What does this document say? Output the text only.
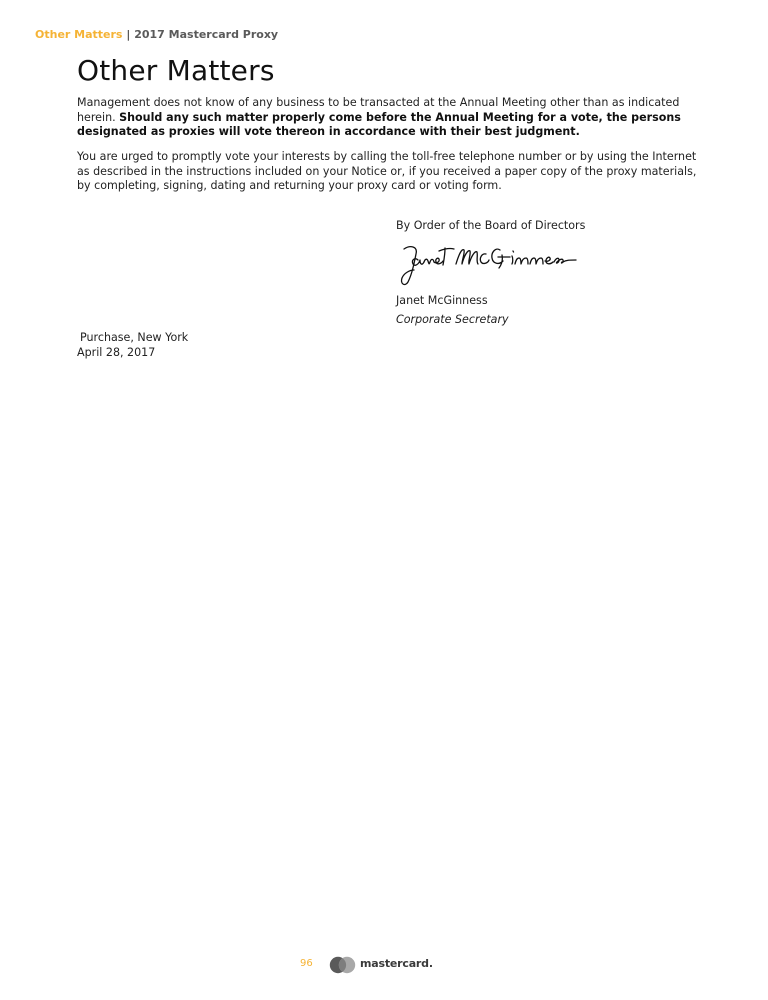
Other Matters | 2017 Mastercard Proxy
Other Matters

Management does not know of any business to be transacted at the Annual Meeting other than as indicated herein. Should any such matter properly come before the Annual Meeting for a vote, the persons designated as proxies will vote thereon in accordance with their best judgment.

You are urged to promptly vote your interests by calling the toll-free telephone number or by using the Internet as described in the instructions included on your Notice or, if you received a paper copy of the proxy materials, by completing, signing, dating and returning your proxy card or voting form.

By Order of the Board of Directors
Janet McGinness
Corporate Secretary
Purchase, New York
April 28, 2017
96	mastercard.
